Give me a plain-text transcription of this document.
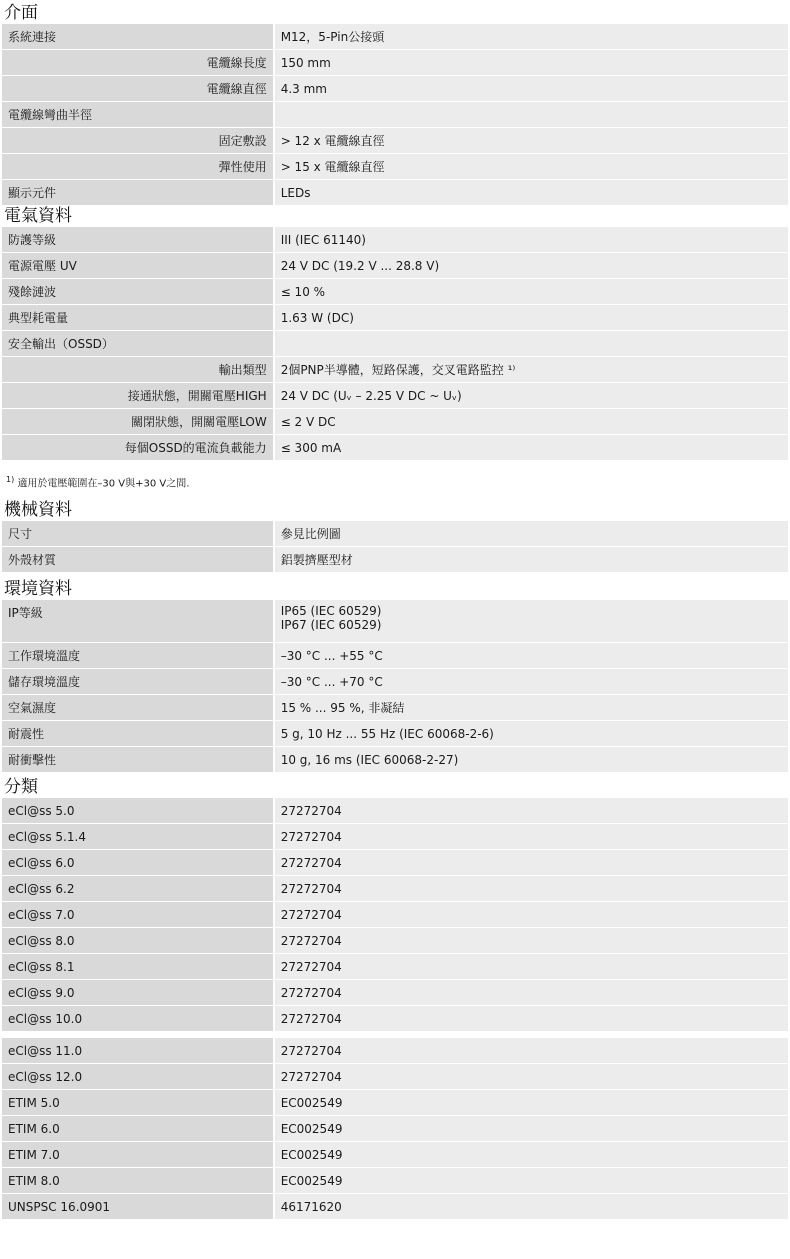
介面
系統連接	M12，5-Pin公接頭
電纜線長度	150 mm
電纜線直徑	4.3 mm
電纜線彎曲半徑	
固定敷設	> 12 x 電纜線直徑
彈性使用	> 15 x 電纜線直徑
顯示元件	LEDs
電氣資料
防護等級	III (IEC 61140)
電源電壓 UV	24 V DC (19.2 V ... 28.8 V)
殘餘漣波	≤ 10 %
典型耗電量	1.63 W (DC)
安全輸出（OSSD）	
輸出類型	2個PNP半導體，短路保護，交叉電路監控 ¹⁾
接通狀態，開關電壓HIGH	24 V DC (Uᵥ – 2.25 V DC ~ Uᵥ)
關閉狀態，開關電壓LOW	≤ 2 V DC
每個OSSD的電流負載能力	≤ 300 mA
$^{1)}$ 適用於電壓範圍在–30 V與+30 V之間.
機械資料
尺寸	參見比例圖
外殼材質	鋁製擠壓型材
環境資料
IP等級	IP65 (IEC 60529)
IP67 (IEC 60529)

工作環境溫度	–30 °C ... +55 °C
儲存環境溫度	–30 °C ... +70 °C
空氣濕度	15 % ... 95 %, 非凝結
耐震性	5 g, 10 Hz ... 55 Hz (IEC 60068-2-6)
耐衝擊性	10 g, 16 ms (IEC 60068-2-27)
分類
eCl@ss 5.0	27272704
eCl@ss 5.1.4	27272704
eCl@ss 6.0	27272704
eCl@ss 6.2	27272704
eCl@ss 7.0	27272704
eCl@ss 8.0	27272704
eCl@ss 8.1	27272704
eCl@ss 9.0	27272704
eCl@ss 10.0	27272704
eCl@ss 11.0	27272704
eCl@ss 12.0	27272704
ETIM 5.0	EC002549
ETIM 6.0	EC002549
ETIM 7.0	EC002549
ETIM 8.0	EC002549
UNSPSC 16.0901	46171620
